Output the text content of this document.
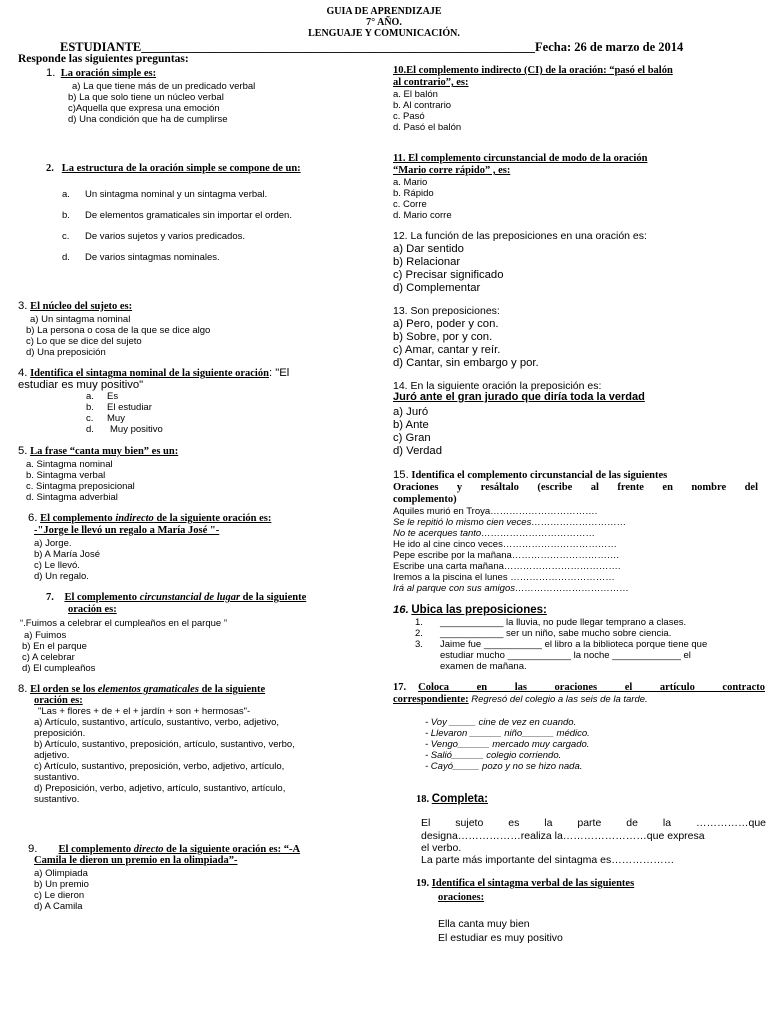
GUIA DE APRENDIZAJE
7° AÑO.
LENGUAJE Y COMUNICACIÓN.
ESTUDIANTE_______________________________________________________________Fecha: 26 de marzo de 2014
Responde las siguientes preguntas:
1. La oración simple es:
a) La que tiene más de un predicado verbal
b) La que solo tiene un núcleo verbal
c)Aquella que expresa una emoción
d) Una condición que ha de cumplirse
2. La estructura de la oración simple se compone de un:
a. Un sintagma nominal y un sintagma verbal.
b. De elementos gramaticales sin importar el orden.
c. De varios sujetos y varios predicados.
d. De varios sintagmas nominales.
3. El núcleo del sujeto es:
a) Un sintagma nominal
b) La persona o cosa de la que se dice algo
c) Lo que se dice del sujeto
d) Una preposición
4. Identifica el sintagma nominal de la siguiente oración: "El
estudiar es muy positivo"
a. Es
b. El estudiar
c. Muy
d. Muy positivo
5. La frase “canta muy bien” es un:
a. Sintagma nominal
b. Sintagma verbal
c. Sintagma preposicional
d. Sintagma adverbial
6. El complemento indirecto de la siguiente oración es:
-"Jorge le llevó un regalo a María José "-
a) Jorge.
b) A María José
c) Le llevó.
d) Un regalo.
7. El complemento circunstancial de lugar de la siguiente
oración es:
“.Fuimos a celebrar el cumpleaños en el parque ”
a) Fuimos
b) En el parque
c) A celebrar
d) El cumpleaños
8. El orden se los elementos gramaticales de la siguiente
oración es:
"Las + flores + de + el + jardín + son + hermosas"-
a) Artículo, sustantivo, artículo, sustantivo, verbo, adjetivo,
preposición.
b) Artículo, sustantivo, preposición, artículo, sustantivo, verbo,
adjetivo.
c) Artículo, sustantivo, preposición, verbo, adjetivo, artículo,
sustantivo.
d) Preposición, verbo, adjetivo, artículo, sustantivo, artículo,
sustantivo.
9. El complemento directo de la siguiente oración es: “-A
Camila le dieron un premio en la olimpiada”-
a) Olimpiada
b) Un premio
c) Le dieron
d) A Camila
10.El complemento indirecto (CI) de la oración: “pasó el balón
al contrario”, es:
a. El balón
b. Al contrario
c. Pasó
d. Pasó el balón
11. El complemento circunstancial de modo de la oración
“Mario corre rápido” , es:
a. Mario
b. Rápido
c. Corre
d. Mario corre
12. La función de las preposiciones en una oración es:
a) Dar sentido
b) Relacionar
c) Precisar significado
d) Complementar
13. Son preposiciones:
a) Pero, poder y con.
b) Sobre, por y con.
c) Amar, cantar y reír.
d) Cantar, sin embargo y por.
14. En la siguiente oración la preposición es:
Juró ante el gran jurado que diría toda la verdad
a) Juró
b) Ante
c) Gran
d) Verdad
15. Identifica el complemento circunstancial de las siguientes
Oraciones y resáltalo (escribe al frente en nombre del
complemento)
Aquiles murió en Troya…………………………….
Se le repitió lo mismo cien veces…………………………
No te acerques tanto………………………………
He ido al cine cinco veces………………………………
Pepe escribe por la mañana…………………………….
Escribe una carta mañana……………………………….
Iremos a la piscina el lunes ……………………………
Irá al parque con sus amigos………………………………
16. Ubica las preposiciones:
1. ____________ la lluvia, no pude llegar temprano a clases.
2. ____________ ser un niño, sabe mucho sobre ciencia.
3. Jaime fue ___________ el libro a la biblioteca porque tiene que
estudiar mucho ____________ la noche _____________ el
examen de mañana.
17. Coloca en las oraciones el artículo contracto
correspondiente: Regresó del colegio a las seis de la tarde.
- Voy _____ cine de vez en cuando.
- Llevaron ______ niño______ médico.
- Vengo______ mercado muy cargado.
- Salió______ colegio corriendo.
- Cayó_____ pozo y no se hizo nada.
18. Completa:
El sujeto es la parte de la ……………que
designa………………realiza la……………………que expresa
el verbo.
La parte más importante del sintagma es………………
19. Identifica el sintagma verbal de las siguientes
oraciones:
Ella canta muy bien
El estudiar es muy positivo
